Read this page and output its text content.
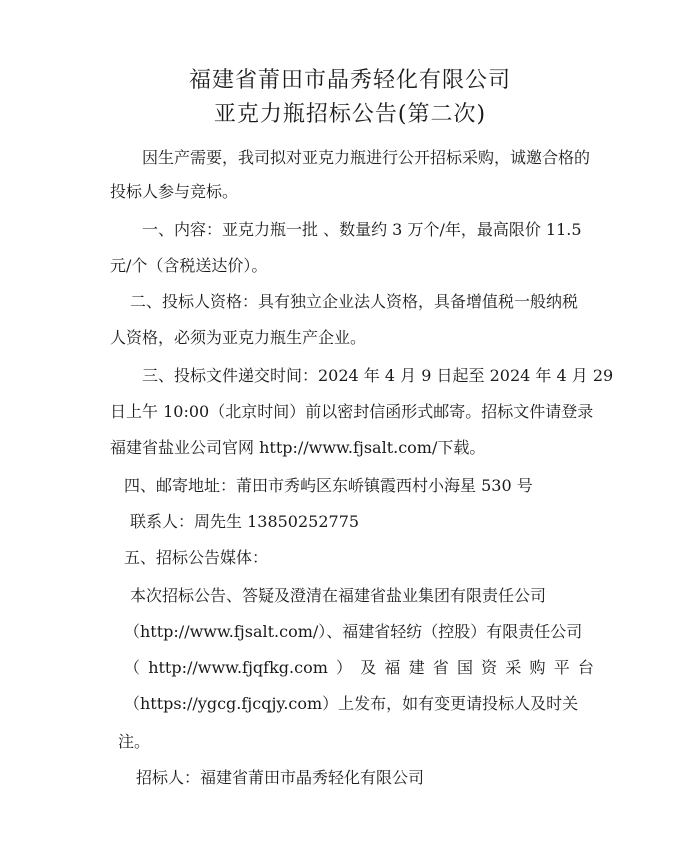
福建省莆田市晶秀轻化有限公司
亚克力瓶招标公告(第二次)
因生产需要，我司拟对亚克力瓶进行公开招标采购，诚邀合格的
投标人参与竞标。
一、内容：亚克力瓶一批 、数量约 3 万个/年，最高限价 11.5
元/个（含税送达价）。
二、投标人资格：具有独立企业法人资格，具备增值税一般纳税
人资格，必须为亚克力瓶生产企业。
三、投标文件递交时间：2024 年 4 月 9 日起至 2024 年 4 月 29
日上午 10:00（北京时间）前以密封信函形式邮寄。招标文件请登录
福建省盐业公司官网 http://www.fjsalt.com/下载。
四、邮寄地址：莆田市秀屿区东峤镇霞西村小海星 530 号
联系人：周先生 13850252775
五、招标公告媒体：
本次招标公告、答疑及澄清在福建省盐业集团有限责任公司
（http://www.fjsalt.com/）、福建省轻纺（控股）有限责任公司
（ http://www.fjqfkg.com ） 及 福 建 省 国 资 采 购 平 台
（https://ygcg.fjcqjy.com）上发布，如有变更请投标人及时关
注。
招标人：福建省莆田市晶秀轻化有限公司
